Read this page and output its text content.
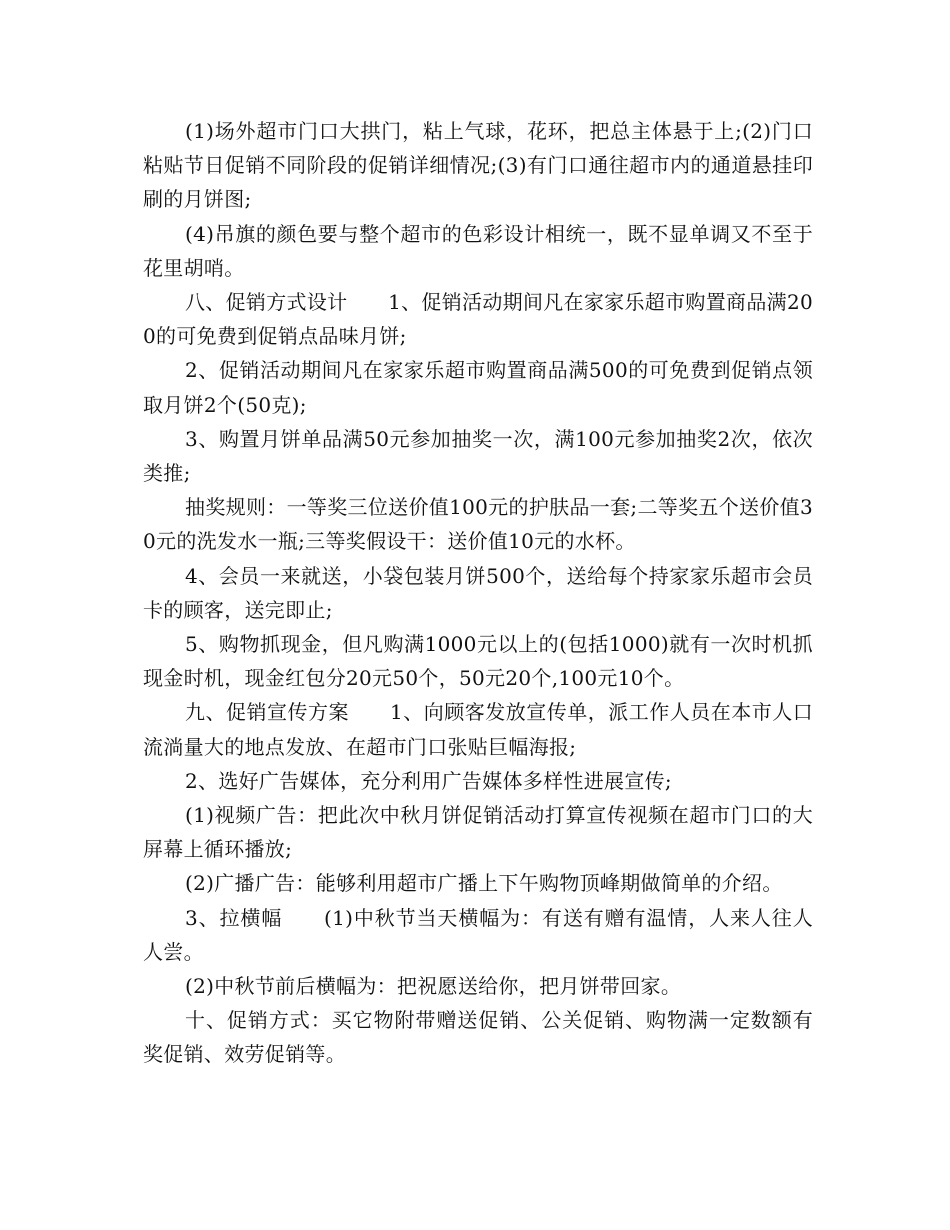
(1)场外超市门口大拱门，粘上气球，花环，把总主体悬于上;(2)门口粘贴节日促销不同阶段的促销详细情况;(3)有门口通往超市内的通道悬挂印刷的月饼图;

(4)吊旗的颜色要与整个超市的色彩设计相统一，既不显单调又不至于花里胡哨。

八、促销方式设计　　1、促销活动期间凡在家家乐超市购置商品满200的可免费到促销点品味月饼;

2、促销活动期间凡在家家乐超市购置商品满500的可免费到促销点领取月饼2个(50克);

3、购置月饼单品满50元参加抽奖一次，满100元参加抽奖2次，依次类推;

抽奖规则：一等奖三位送价值100元的护肤品一套;二等奖五个送价值30元的洗发水一瓶;三等奖假设干：送价值10元的水杯。

4、会员一来就送，小袋包装月饼500个，送给每个持家家乐超市会员卡的顾客，送完即止;

5、购物抓现金，但凡购满1000元以上的(包括1000)就有一次时机抓现金时机，现金红包分20元50个，50元20个,100元10个。

九、促销宣传方案　　1、向顾客发放宣传单，派工作人员在本市人口流淌量大的地点发放、在超市门口张贴巨幅海报;

2、选好广告媒体，充分利用广告媒体多样性进展宣传;

(1)视频广告：把此次中秋月饼促销活动打算宣传视频在超市门口的大屏幕上循环播放;

(2)广播广告：能够利用超市广播上下午购物顶峰期做简单的介绍。

3、拉横幅　　(1)中秋节当天横幅为：有送有赠有温情，人来人往人人尝。

(2)中秋节前后横幅为：把祝愿送给你，把月饼带回家。

十、促销方式：买它物附带赠送促销、公关促销、购物满一定数额有奖促销、效劳促销等。
